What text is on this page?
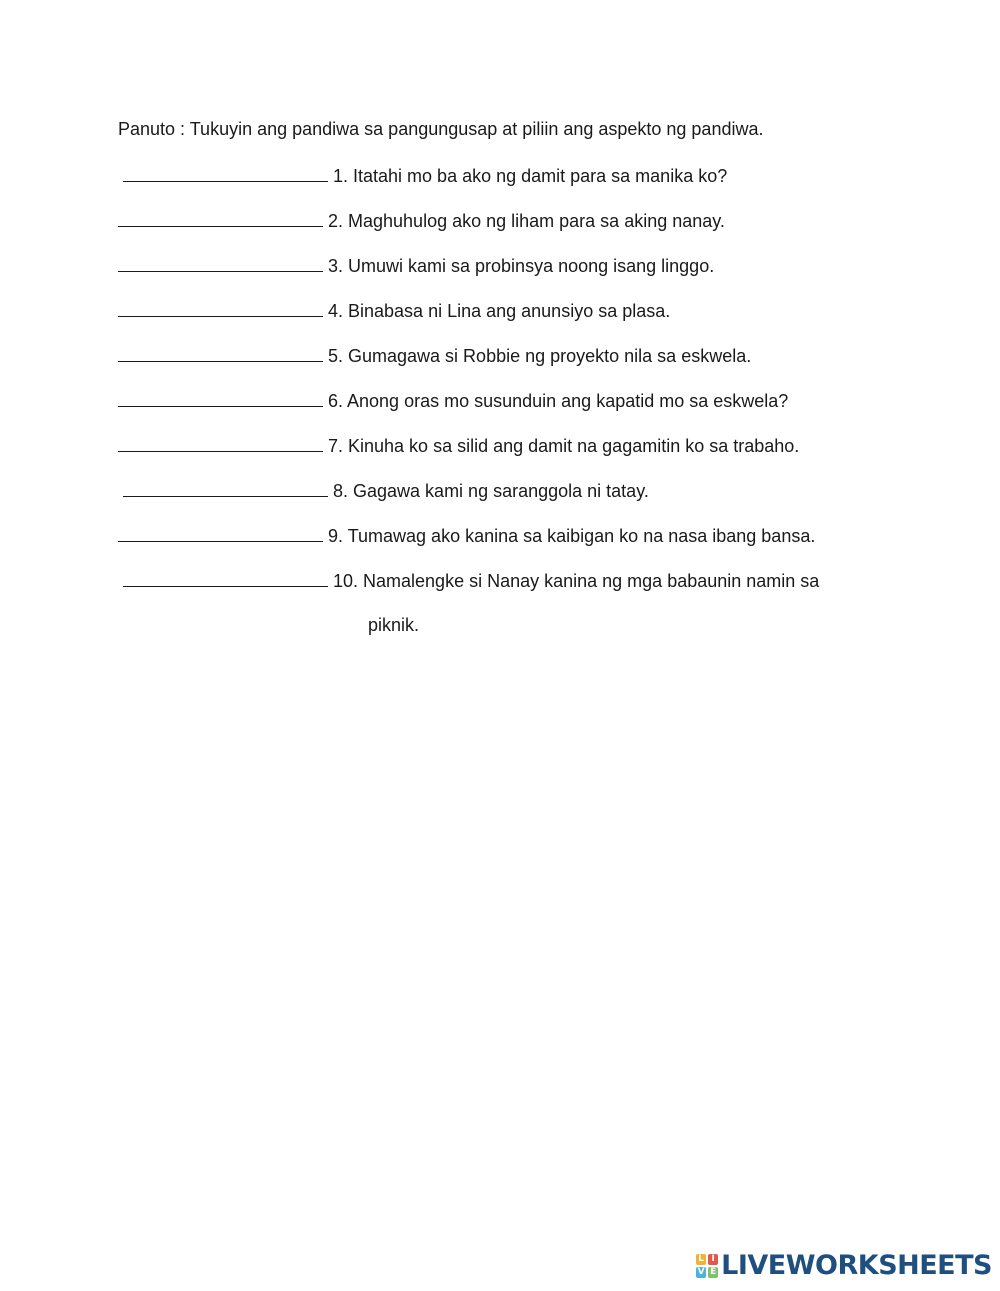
Panuto : Tukuyin ang pandiwa sa pangungusap at piliin ang aspekto ng pandiwa.
1. Itatahi mo ba ako ng damit para sa manika ko?
2. Maghuhulog ako ng liham para sa aking nanay.
3. Umuwi kami sa probinsya noong isang linggo.
4. Binabasa ni Lina ang anunsiyo sa plasa.
5. Gumagawa si Robbie ng proyekto nila sa eskwela.
6. Anong oras mo susunduin ang kapatid mo sa eskwela?
7. Kinuha ko sa silid ang damit na gagamitin ko sa trabaho.
8. Gagawa kami ng saranggola ni tatay.
9. Tumawag ako kanina sa kaibigan ko na nasa ibang bansa.
10. Namalengke si Nanay kanina ng mga babaunin namin sa
piknik.
L I
V E LIVEWORKSHEETS
